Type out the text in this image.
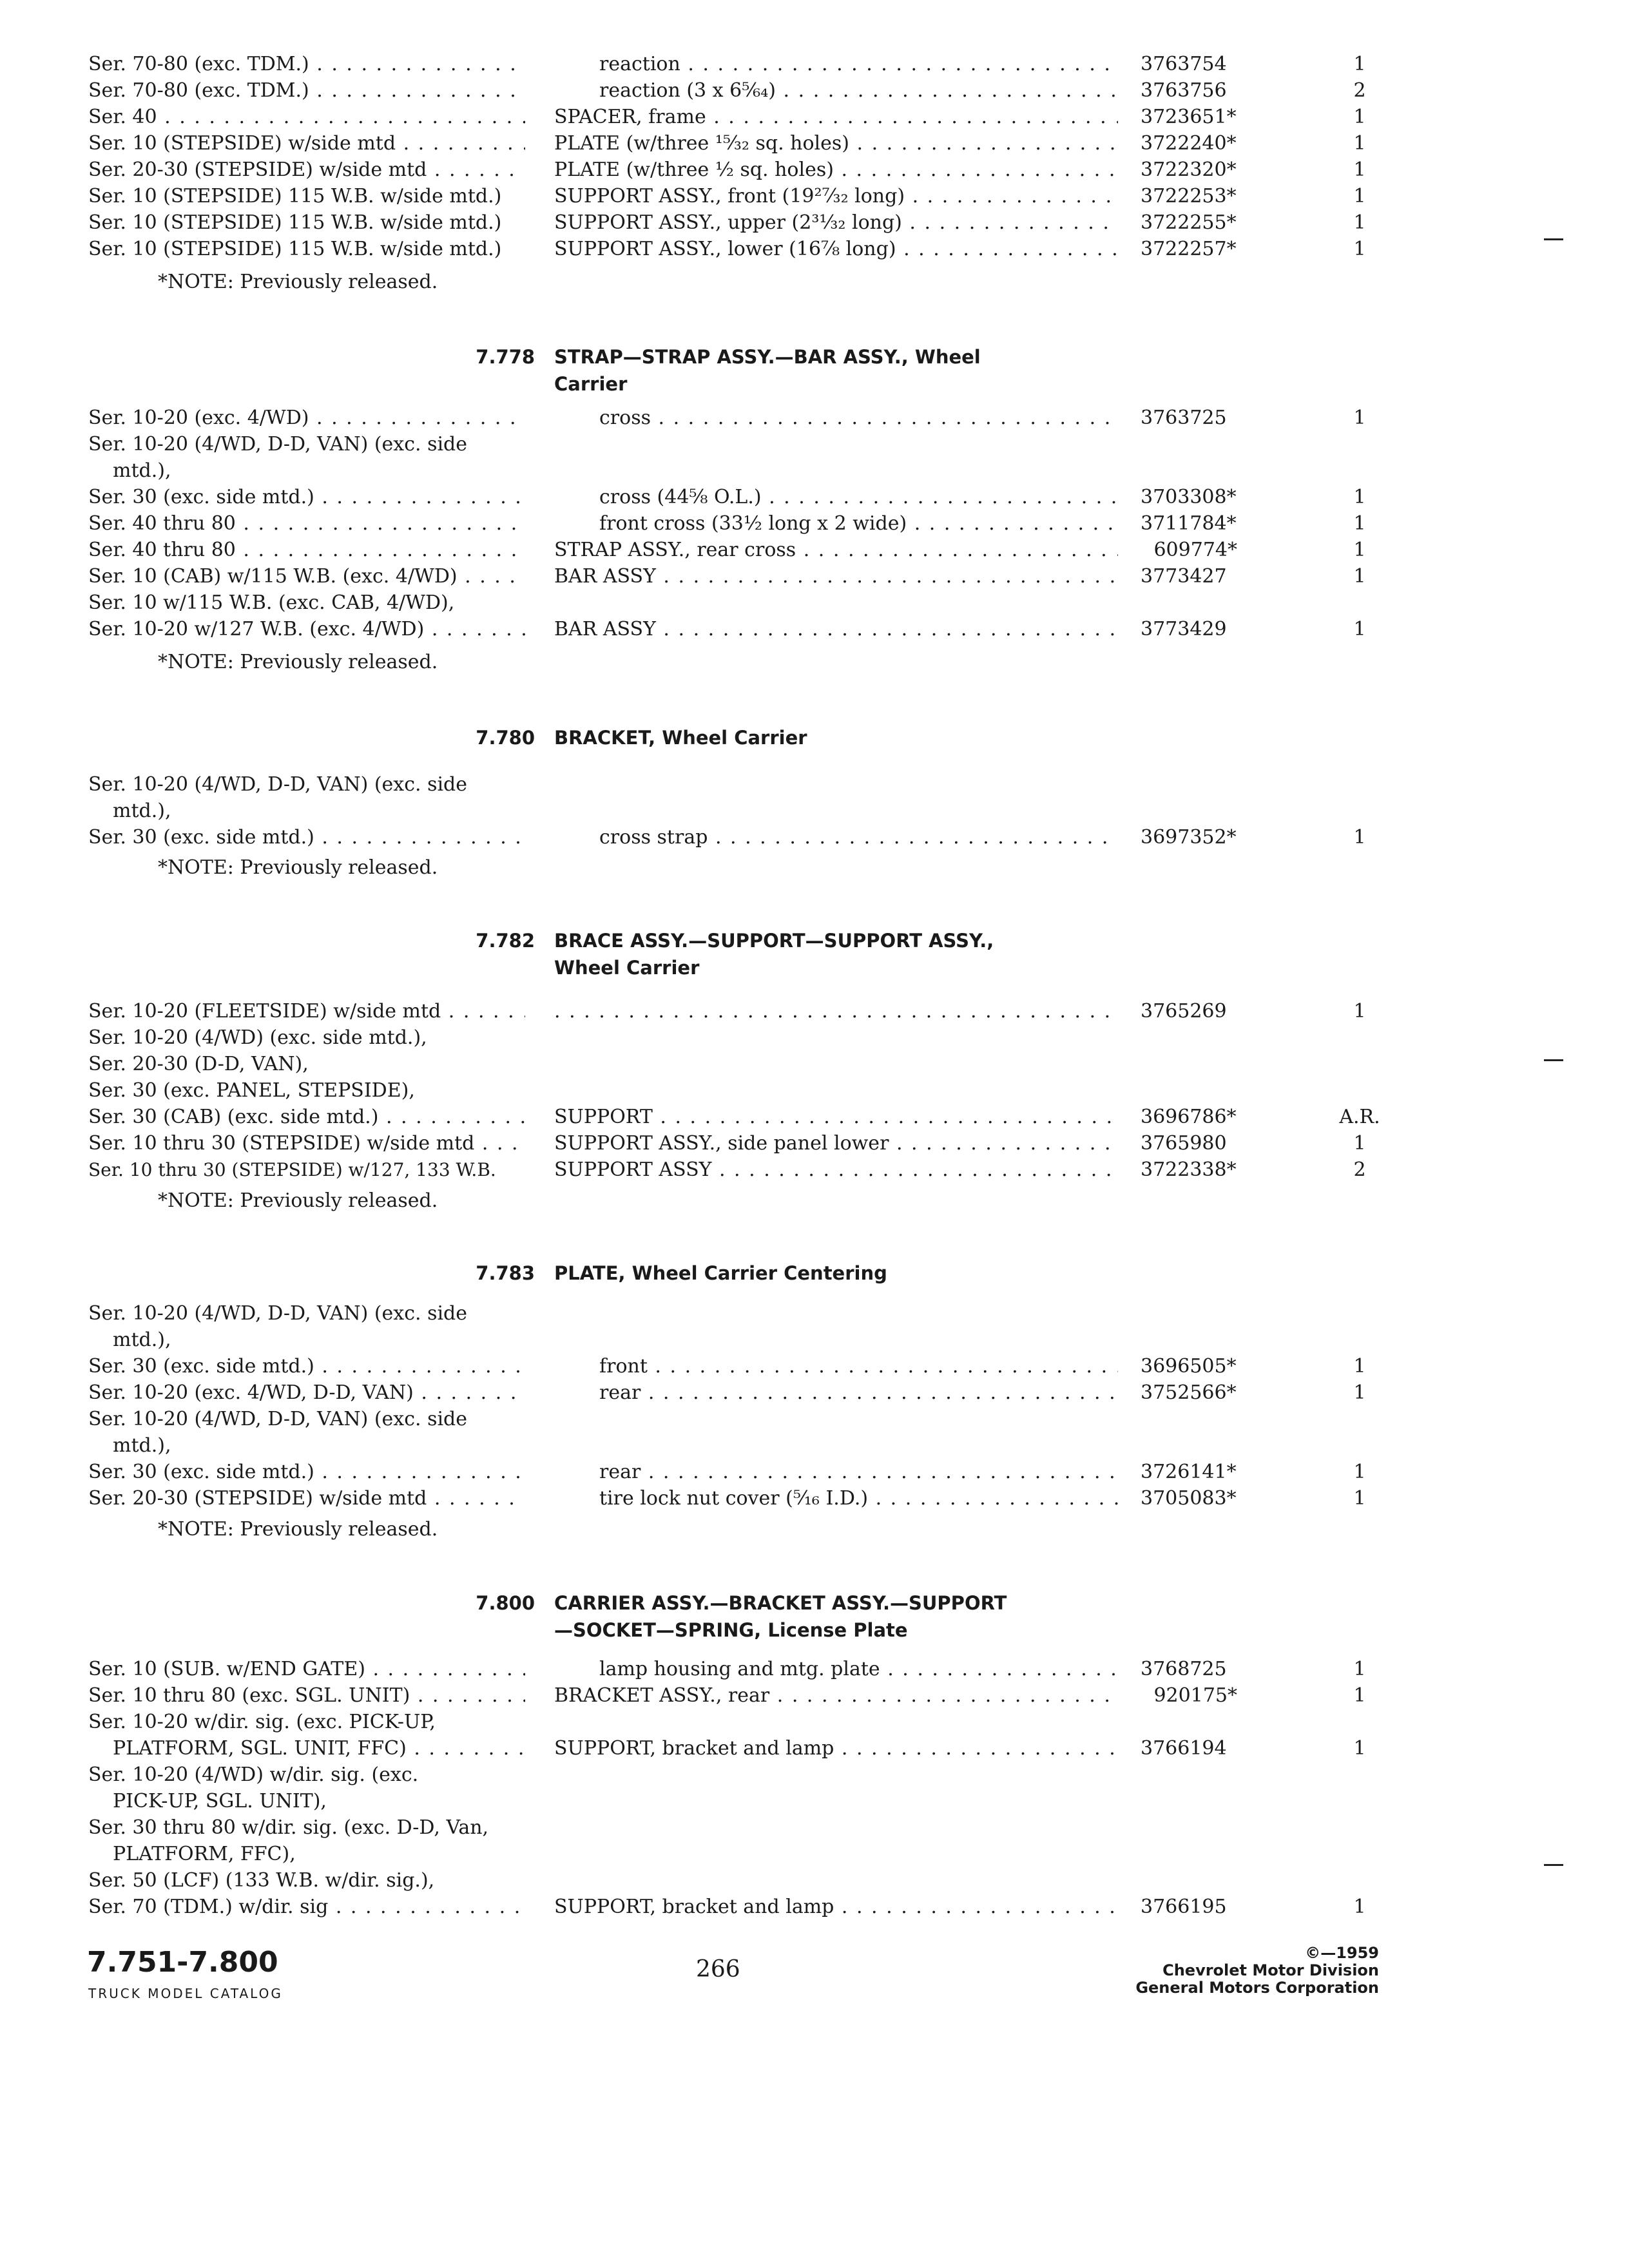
Ser. 70-80 (exc. TDM.) . . .	reaction . . .	3763754	1
Ser. 70-80 (exc. TDM.) . . .	reaction (3 x 6⁵⁄₆₄) . . .	3763756	2
Ser. 40 . . .	SPACER, frame . . .	3723651*	1
Ser. 10 (STEPSIDE) w/side mtd . . .	PLATE (w/three ¹⁵⁄₃₂ sq. holes) . . .	3722240*	1
Ser. 20-30 (STEPSIDE) w/side mtd . . .	PLATE (w/three ½ sq. holes) . . .	3722320*	1
Ser. 10 (STEPSIDE) 115 W.B. w/side mtd.)	SUPPORT ASSY., front (19²⁷⁄₃₂ long) . . .	3722253*	1
Ser. 10 (STEPSIDE) 115 W.B. w/side mtd.)	SUPPORT ASSY., upper (2³¹⁄₃₂ long) . . .	3722255*	1
Ser. 10 (STEPSIDE) 115 W.B. w/side mtd.)	SUPPORT ASSY., lower (16⁷⁄₈ long) . . .	3722257*	1
*NOTE: Previously released.
7.778 STRAP—STRAP ASSY.—BAR ASSY., Wheel
Carrier
Ser. 10-20 (exc. 4/WD) . . .	cross . . .	3763725	1
Ser. 10-20 (4/WD, D-D, VAN) (exc. side
mtd.),
Ser. 30 (exc. side mtd.) . . .	cross (44⅝ O.L.) . . .	3703308*	1
Ser. 40 thru 80 . . .	front cross (33½ long x 2 wide) . . .	3711784*	1
Ser. 40 thru 80 . . .	STRAP ASSY., rear cross . . .	609774*	1
Ser. 10 (CAB) w/115 W.B. (exc. 4/WD) . . .	BAR ASSY . . .	3773427	1
Ser. 10 w/115 W.B. (exc. CAB, 4/WD),
Ser. 10-20 w/127 W.B. (exc. 4/WD) . . .	BAR ASSY . . .	3773429	1
*NOTE: Previously released.
7.780 BRACKET, Wheel Carrier
Ser. 10-20 (4/WD, D-D, VAN) (exc. side
mtd.),
Ser. 30 (exc. side mtd.) . . .	cross strap . . .	3697352*	1
*NOTE: Previously released.
7.782 BRACE ASSY.—SUPPORT—SUPPORT ASSY.,
Wheel Carrier
Ser. 10-20 (FLEETSIDE) w/side mtd . . .
. . .	3765269	1
Ser. 10-20 (4/WD) (exc. side mtd.),
Ser. 20-30 (D-D, VAN),
Ser. 30 (exc. PANEL, STEPSIDE),
Ser. 30 (CAB) (exc. side mtd.) . . .	SUPPORT . . .	3696786*	A.R.
Ser. 10 thru 30 (STEPSIDE) w/side mtd . . .	SUPPORT ASSY., side panel lower . . .	3765980	1
Ser. 10 thru 30 (STEPSIDE) w/127, 133 W.B.	SUPPORT ASSY . . .	3722338*	2
*NOTE: Previously released.
7.783 PLATE, Wheel Carrier Centering
Ser. 10-20 (4/WD, D-D, VAN) (exc. side
mtd.),
Ser. 30 (exc. side mtd.) . . .	front . . .	3696505*	1
Ser. 10-20 (exc. 4/WD, D-D, VAN) . . .	rear . . .	3752566*	1
Ser. 10-20 (4/WD, D-D, VAN) (exc. side
mtd.),
Ser. 30 (exc. side mtd.) . . .	rear . . .	3726141*	1
Ser. 20-30 (STEPSIDE) w/side mtd . . .	tire lock nut cover (⁵⁄₁₆ I.D.) . . .	3705083*	1
*NOTE: Previously released.
7.800 CARRIER ASSY.—BRACKET ASSY.—SUPPORT
—SOCKET—SPRING, License Plate
Ser. 10 (SUB. w/END GATE) . . .	lamp housing and mtg. plate . . .	3768725	1
Ser. 10 thru 80 (exc. SGL. UNIT) . . .	BRACKET ASSY., rear . . .	920175*	1
Ser. 10-20 w/dir. sig. (exc. PICK-UP,
PLATFORM, SGL. UNIT, FFC) . . .	SUPPORT, bracket and lamp . . .	3766194	1
Ser. 10-20 (4/WD) w/dir. sig. (exc.
PICK-UP, SGL. UNIT),
Ser. 30 thru 80 w/dir. sig. (exc. D-D, Van,
PLATFORM, FFC),
Ser. 50 (LCF) (133 W.B. w/dir. sig.),
Ser. 70 (TDM.) w/dir. sig . . .	SUPPORT, bracket and lamp . . .	3766195	1
7.751-7.800
TRUCK MODEL CATALOG
266
©—1959
Chevrolet Motor Division
General Motors Corporation
